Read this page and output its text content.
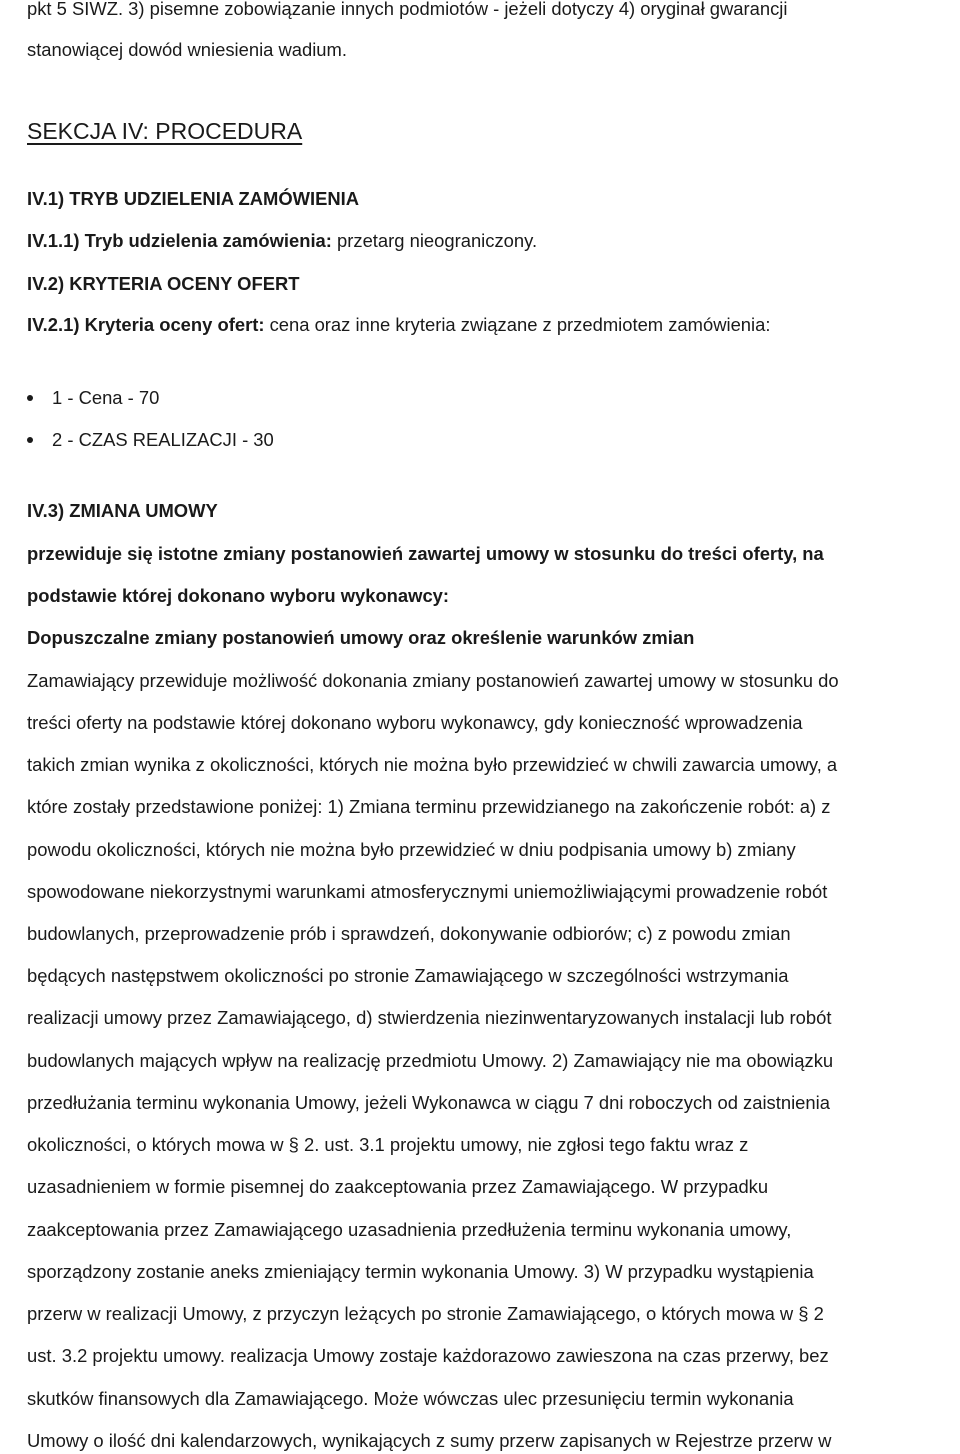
pkt 5 SIWZ. 3) pisemne zobowiązanie innych podmiotów - jeżeli dotyczy 4) oryginał gwarancji
stanowiącej dowód wniesienia wadium.
SEKCJA IV: PROCEDURA
IV.1) TRYB UDZIELENIA ZAMÓWIENIA
IV.1.1) Tryb udzielenia zamówienia: przetarg nieograniczony.
IV.2) KRYTERIA OCENY OFERT
IV.2.1) Kryteria oceny ofert: cena oraz inne kryteria związane z przedmiotem zamówienia:
1 - Cena - 70
2 - CZAS REALIZACJI - 30
IV.3) ZMIANA UMOWY
przewiduje się istotne zmiany postanowień zawartej umowy w stosunku do treści oferty, na
podstawie której dokonano wyboru wykonawcy:
Dopuszczalne zmiany postanowień umowy oraz określenie warunków zmian
Zamawiający przewiduje możliwość dokonania zmiany postanowień zawartej umowy w stosunku do
treści oferty na podstawie której dokonano wyboru wykonawcy, gdy konieczność wprowadzenia
takich zmian wynika z okoliczności, których nie można było przewidzieć w chwili zawarcia umowy, a
które zostały przedstawione poniżej: 1) Zmiana terminu przewidzianego na zakończenie robót: a) z
powodu okoliczności, których nie można było przewidzieć w dniu podpisania umowy b) zmiany
spowodowane niekorzystnymi warunkami atmosferycznymi uniemożliwiającymi prowadzenie robót
budowlanych, przeprowadzenie prób i sprawdzeń, dokonywanie odbiorów; c) z powodu zmian
będących następstwem okoliczności po stronie Zamawiającego w szczególności wstrzymania
realizacji umowy przez Zamawiającego, d) stwierdzenia niezinwentaryzowanych instalacji lub robót
budowlanych mających wpływ na realizację przedmiotu Umowy. 2) Zamawiający nie ma obowiązku
przedłużania terminu wykonania Umowy, jeżeli Wykonawca w ciągu 7 dni roboczych od zaistnienia
okoliczności, o których mowa w § 2. ust. 3.1 projektu umowy, nie zgłosi tego faktu wraz z
uzasadnieniem w formie pisemnej do zaakceptowania przez Zamawiającego. W przypadku
zaakceptowania przez Zamawiającego uzasadnienia przedłużenia terminu wykonania umowy,
sporządzony zostanie aneks zmieniający termin wykonania Umowy. 3) W przypadku wystąpienia
przerw w realizacji Umowy, z przyczyn leżących po stronie Zamawiającego, o których mowa w § 2
ust. 3.2 projektu umowy. realizacja Umowy zostaje każdorazowo zawieszona na czas przerwy, bez
skutków finansowych dla Zamawiającego. Może wówczas ulec przesunięciu termin wykonania
Umowy o ilość dni kalendarzowych, wynikających z sumy przerw zapisanych w Rejestrze przerw w
